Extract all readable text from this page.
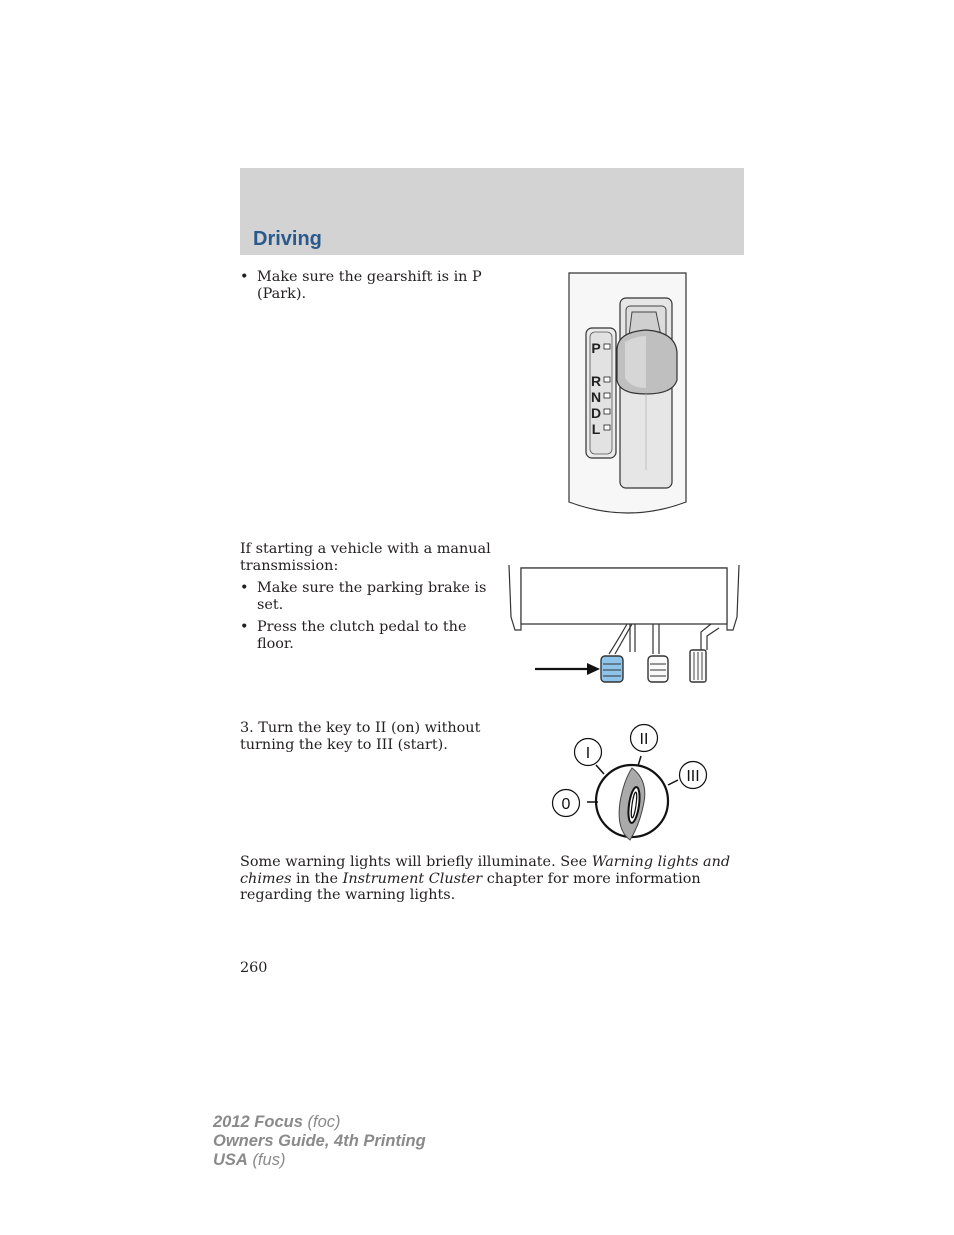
Driving
• Make sure the gearshift is in P
(Park).
P
R
N
D
L
If starting a vehicle with a manual
transmission:
• Make sure the parking brake is
set.
• Press the clutch pedal to the
floor.
3. Turn the key to II (on) without
turning the key to III (start).
0
I
II
III
Some warning lights will briefly illuminate. See Warning lights and
chimes in the Instrument Cluster chapter for more information
regarding the warning lights.
260
2012 Focus (foc)
Owners Guide, 4th Printing
USA (fus)
